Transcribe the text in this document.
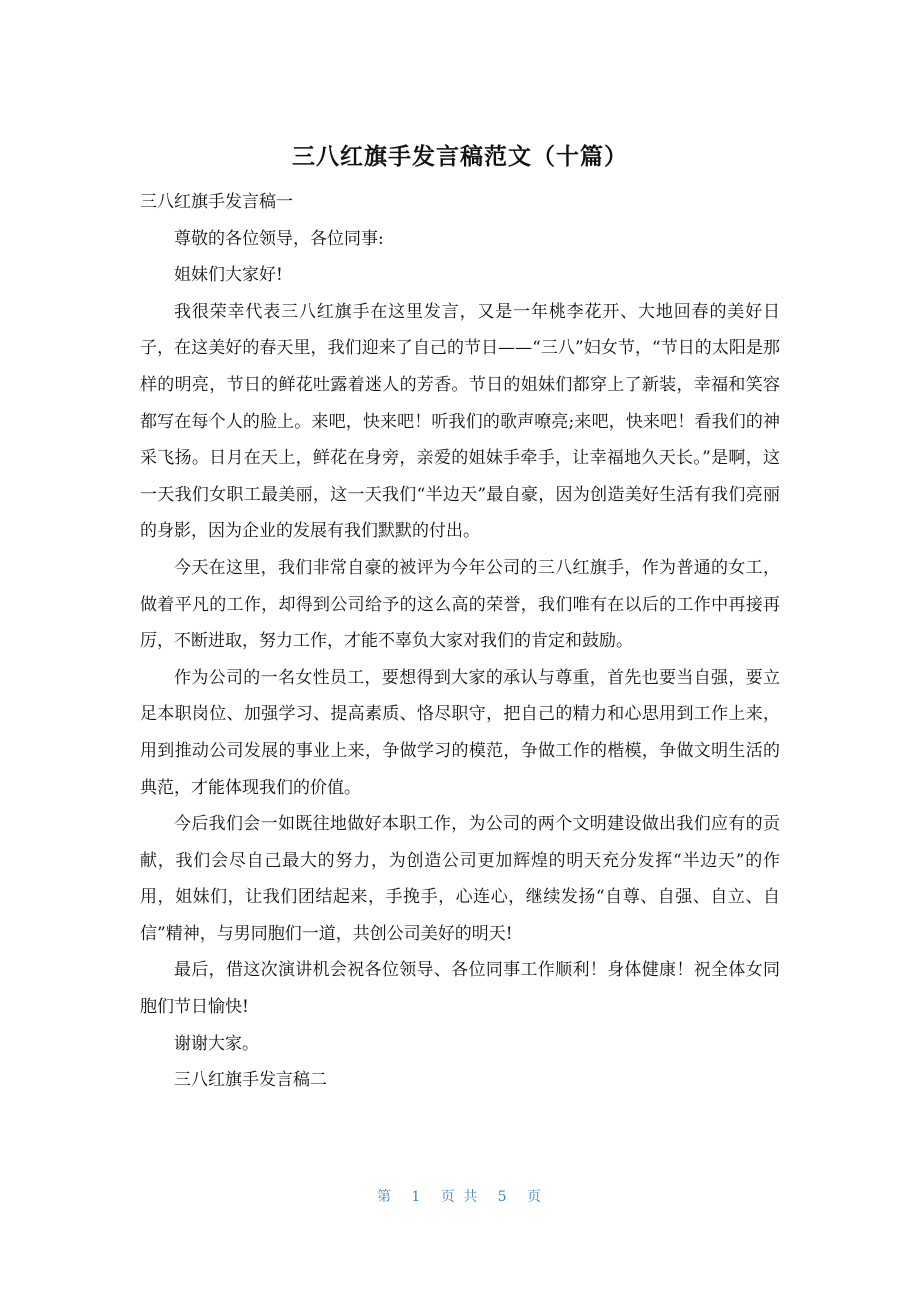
三八红旗手发言稿范文（十篇）

三八红旗手发言稿一

尊敬的各位领导，各位同事:

姐妹们大家好!

我很荣幸代表三八红旗手在这里发言，又是一年桃李花开、大地回春的美好日子，在这美好的春天里，我们迎来了自己的节日——“三八”妇女节，“节日的太阳是那样的明亮，节日的鲜花吐露着迷人的芳香。节日的姐妹们都穿上了新装，幸福和笑容都写在每个人的脸上。来吧，快来吧！听我们的歌声嘹亮;来吧，快来吧！看我们的神采飞扬。日月在天上，鲜花在身旁，亲爱的姐妹手牵手，让幸福地久天长。”是啊，这一天我们女职工最美丽，这一天我们“半边天”最自豪，因为创造美好生活有我们亮丽的身影，因为企业的发展有我们默默的付出。

今天在这里，我们非常自豪的被评为今年公司的三八红旗手，作为普通的女工，做着平凡的工作，却得到公司给予的这么高的荣誉，我们唯有在以后的工作中再接再厉，不断进取，努力工作，才能不辜负大家对我们的肯定和鼓励。

作为公司的一名女性员工，要想得到大家的承认与尊重，首先也要当自强，要立足本职岗位、加强学习、提高素质、恪尽职守，把自己的精力和心思用到工作上来，用到推动公司发展的事业上来，争做学习的模范，争做工作的楷模，争做文明生活的典范，才能体现我们的价值。

今后我们会一如既往地做好本职工作，为公司的两个文明建设做出我们应有的贡献，我们会尽自己最大的努力，为创造公司更加辉煌的明天充分发挥“半边天”的作用，姐妹们，让我们团结起来，手挽手，心连心，继续发扬“自尊、自强、自立、自信”精神，与男同胞们一道，共创公司美好的明天!

最后，借这次演讲机会祝各位领导、各位同事工作顺利！身体健康！祝全体女同胞们节日愉快!

谢谢大家。

三八红旗手发言稿二

第 1 页 共 5 页
